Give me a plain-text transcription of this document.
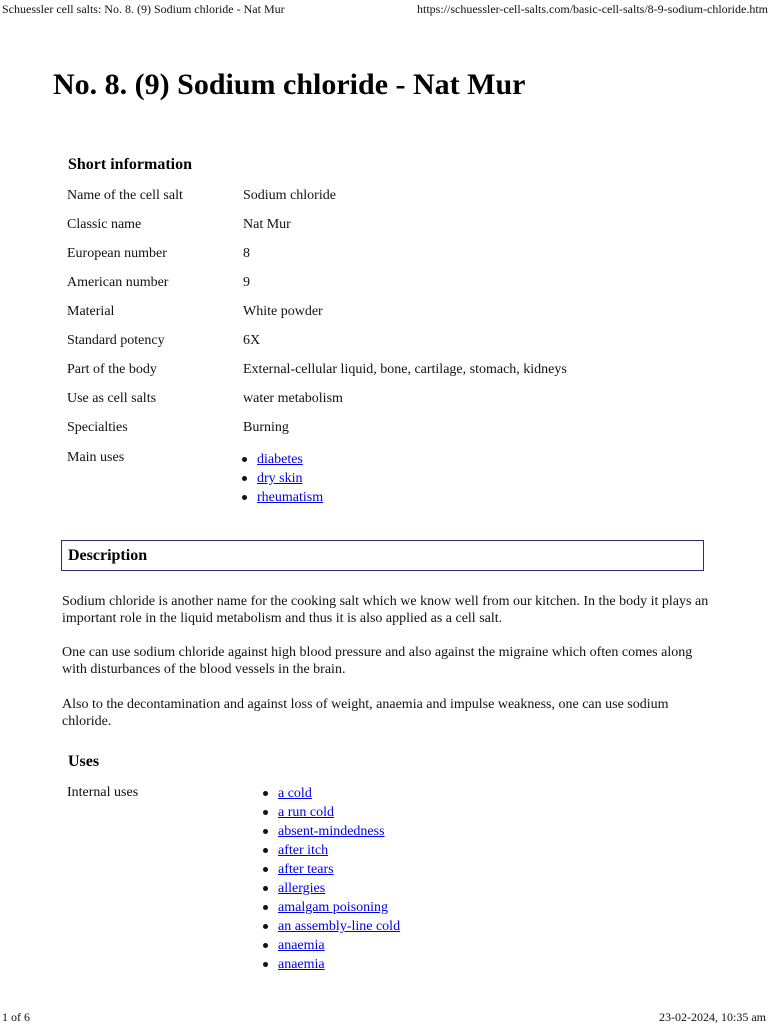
Schuessler cell salts: No. 8. (9) Sodium chloride - Nat Mur	https://schuessler-cell-salts.com/basic-cell-salts/8-9-sodium-chloride.htm
No. 8. (9) Sodium chloride - Nat Mur
Short information
Name of the cell salt	Sodium chloride
Classic name	Nat Mur
European number	8
American number	9
Material	White powder
Standard potency	6X
Part of the body	External-cellular liquid, bone, cartilage, stomach, kidneys
Use as cell salts	water metabolism
Specialties	Burning
Main uses	diabetes
dry skin
rheumatism
Description

Sodium chloride is another name for the cooking salt which we know well from our kitchen. In the body it plays an important role in the liquid metabolism and thus it is also applied as a cell salt.

One can use sodium chloride against high blood pressure and also against the migraine which often comes along with disturbances of the blood vessels in the brain.

Also to the decontamination and against loss of weight, anaemia and impulse weakness, one can use sodium chloride.

Uses
Internal uses	a cold
a run cold
absent-mindedness
after itch
after tears
allergies
amalgam poisoning
an assembly-line cold
anaemia
anaemia
1 of 6	23-02-2024, 10:35 am
